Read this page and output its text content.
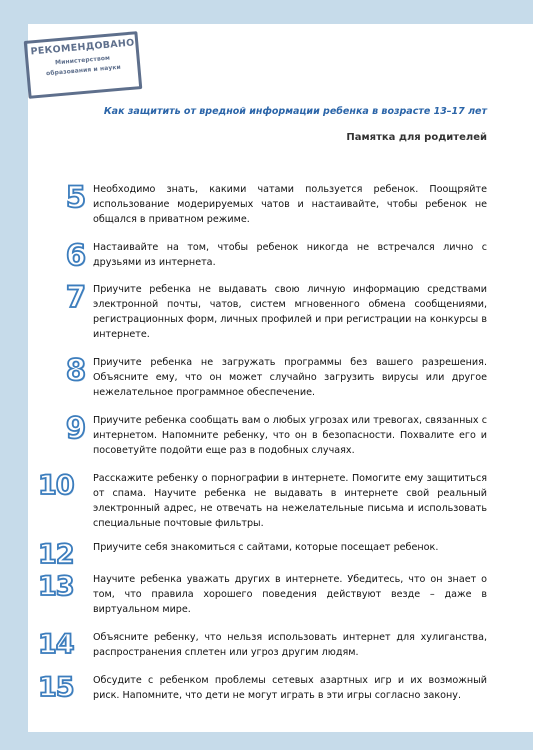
РЕКОМЕНДОВАНО
Министерством
образования и науки
Как защитить от вредной информации ребенка в возрасте 13–17 лет
Памятка для родителей
5 Необходимо знать, какими чатами пользуется ребенок. Поощряйте использование модерируемых чатов и настаивайте, чтобы ребенок не общался в приватном режиме.
6 Настаивайте на том, чтобы ребенок никогда не встречался лично с друзьями из интернета.
7 Приучите ребенка не выдавать свою личную информацию средствами электронной почты, чатов, систем мгновенного обмена сообщениями, регистрационных форм, личных профилей и при регистрации на конкурсы в интернете.
8 Приучите ребенка не загружать программы без вашего разрешения. Объясните ему, что он может случайно загрузить вирусы или другое нежелательное программное обеспечение.
9 Приучите ребенка сообщать вам о любых угрозах или тревогах, связанных с интернетом. Напомните ребенку, что он в безопасности. Похвалите его и посоветуйте подойти еще раз в подобных случаях.
10	Расскажите ребенку о порнографии в интернете. Помогите ему защититься от спама. Научите ребенка не выдавать в интернете свой реальный электронный адрес, не отвечать на нежелательные письма и использовать специальные почтовые фильтры.
12	Приучите себя знакомиться с сайтами, которые посещает ребенок.
13	Научите ребенка уважать других в интернете. Убедитесь, что он знает о том, что правила хорошего поведения действуют везде – даже в виртуальном мире.
14	Объясните ребенку, что нельзя использовать интернет для хулиганства, распространения сплетен или угроз другим людям.
15	Обсудите с ребенком проблемы сетевых азартных игр и их возможный риск. Напомните, что дети не могут играть в эти игры согласно закону.
